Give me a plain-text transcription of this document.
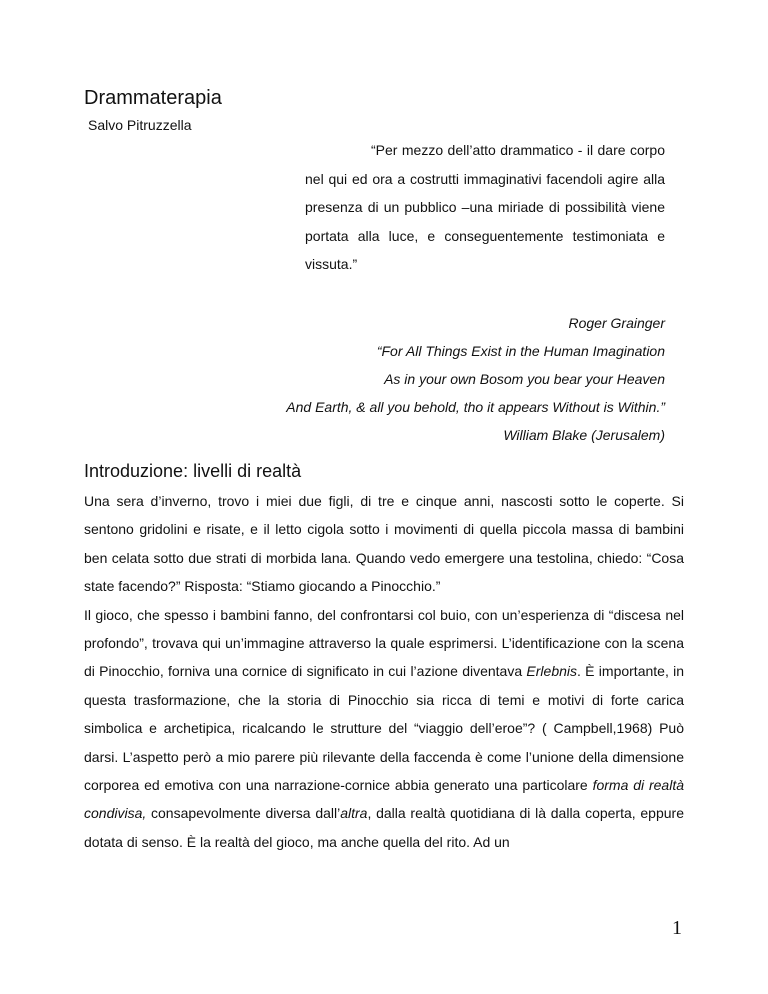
Drammaterapia
Salvo Pitruzzella
“Per mezzo dell’atto drammatico - il dare corpo nel qui ed ora a costrutti immaginativi facendoli agire alla presenza di un pubblico –una miriade di possibilità viene portata alla luce, e conseguentemente testimoniata e vissuta.”
Roger Grainger
“For All Things Exist in the Human Imagination
As in your own Bosom you bear your Heaven
And Earth, & all you behold, tho it appears Without is Within.”
William Blake (Jerusalem)
Introduzione: livelli di realtà

Una sera d’inverno, trovo i miei due figli, di tre e cinque anni, nascosti sotto le coperte. Si sentono gridolini e risate, e il letto cigola sotto i movimenti di quella piccola massa di bambini ben celata sotto due strati di morbida lana. Quando vedo emergere una testolina, chiedo: “Cosa state facendo?” Risposta: “Stiamo giocando a Pinocchio.”

Il gioco, che spesso i bambini fanno, del confrontarsi col buio, con un’esperienza di “discesa nel profondo”, trovava qui un’immagine attraverso la quale esprimersi. L’identificazione con la scena di Pinocchio, forniva una cornice di significato in cui l’azione diventava Erlebnis. È importante, in questa trasformazione, che la storia di Pinocchio sia ricca di temi e motivi di forte carica simbolica e archetipica, ricalcando le strutture del “viaggio dell’eroe”? ( Campbell,1968) Può darsi. L’aspetto però a mio parere più rilevante della faccenda è come l’unione della dimensione corporea ed emotiva con una narrazione-cornice abbia generato una particolare forma di realtà condivisa, consapevolmente diversa dall’altra, dalla realtà quotidiana di là dalla coperta, eppure dotata di senso. È la realtà del gioco, ma anche quella del rito. Ad un

1
